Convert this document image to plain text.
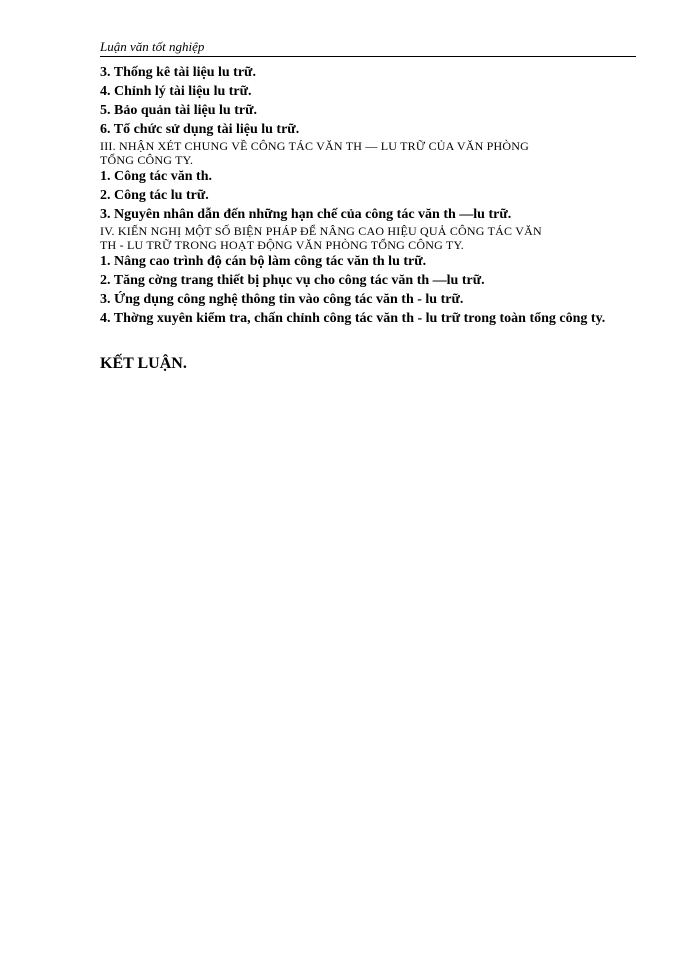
Luận văn tốt nghiệp
3. Thống kê tài liệu lu trữ.
4. Chỉnh lý tài liệu lu trữ.
5. Bảo quản tài liệu lu trữ.
6. Tổ chức sử dụng tài liệu lu trữ.
III. NHẬN XÉT CHUNG VỀ CÔNG TÁC VĂN TH — LU TRỮ CỦA VĂN PHÒNG
TỔNG CÔNG TY.
1. Công tác văn th.
2. Công tác lu trữ.
3. Nguyên nhân dẫn đến những hạn chế của công tác văn th —lu trữ.
IV. KIẾN NGHỊ MỘT SỐ BIỆN PHÁP ĐỂ NÂNG CAO HIỆU QUẢ CÔNG TÁC VĂN
TH - LU TRỮ TRONG HOẠT ĐỘNG VĂN PHÒNG TỔNG CÔNG TY.
1. Nâng cao trình độ cán bộ làm công tác văn th lu trữ.
2. Tăng cờng trang thiết bị phục vụ cho công tác văn th —lu trữ.
3. Ứng dụng công nghệ thông tin vào công tác văn th - lu trữ.
4. Thờng xuyên kiểm tra, chấn chỉnh công tác văn th - lu trữ trong toàn tổng công ty.
KẾT LUẬN.
